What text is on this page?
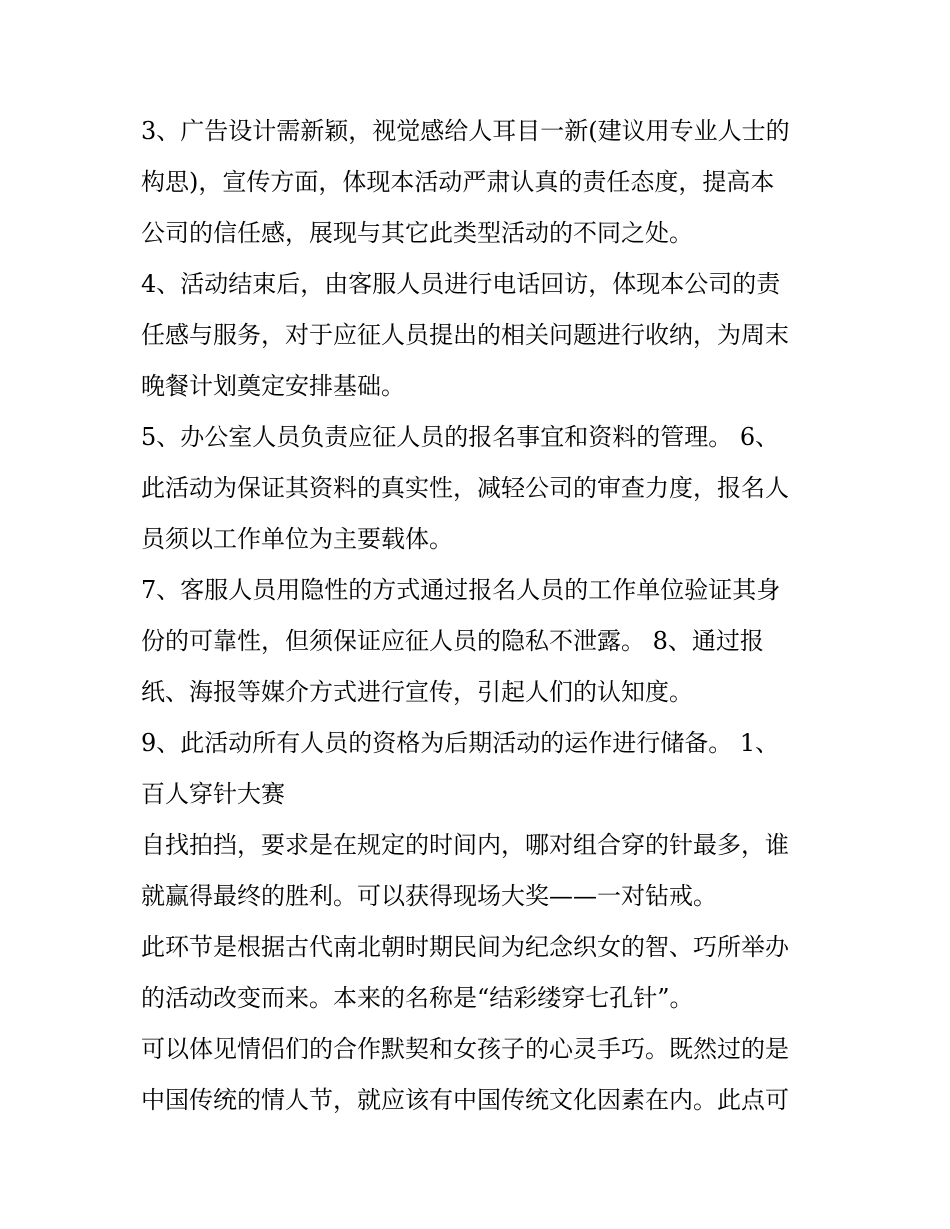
3、广告设计需新颖，视觉感给人耳目一新(建议用专业人士的
构思)，宣传方面，体现本活动严肃认真的责任态度，提高本
公司的信任感，展现与其它此类型活动的不同之处。
4、活动结束后，由客服人员进行电话回访，体现本公司的责
任感与服务，对于应征人员提出的相关问题进行收纳，为周末
晚餐计划奠定安排基础。
5、办公室人员负责应征人员的报名事宜和资料的管理。 6、
此活动为保证其资料的真实性，减轻公司的审查力度，报名人
员须以工作单位为主要载体。
7、客服人员用隐性的方式通过报名人员的工作单位验证其身
份的可靠性，但须保证应征人员的隐私不泄露。 8、通过报
纸、海报等媒介方式进行宣传，引起人们的认知度。
9、此活动所有人员的资格为后期活动的运作进行储备。 1、
百人穿针大赛
自找拍挡，要求是在规定的时间内，哪对组合穿的针最多，谁
就赢得最终的胜利。可以获得现场大奖——一对钻戒。
此环节是根据古代南北朝时期民间为纪念织女的智、巧所举办
的活动改变而来。本来的名称是“结彩缕穿七孔针”。
可以体见情侣们的合作默契和女孩子的心灵手巧。既然过的是
中国传统的情人节，就应该有中国传统文化因素在内。此点可
